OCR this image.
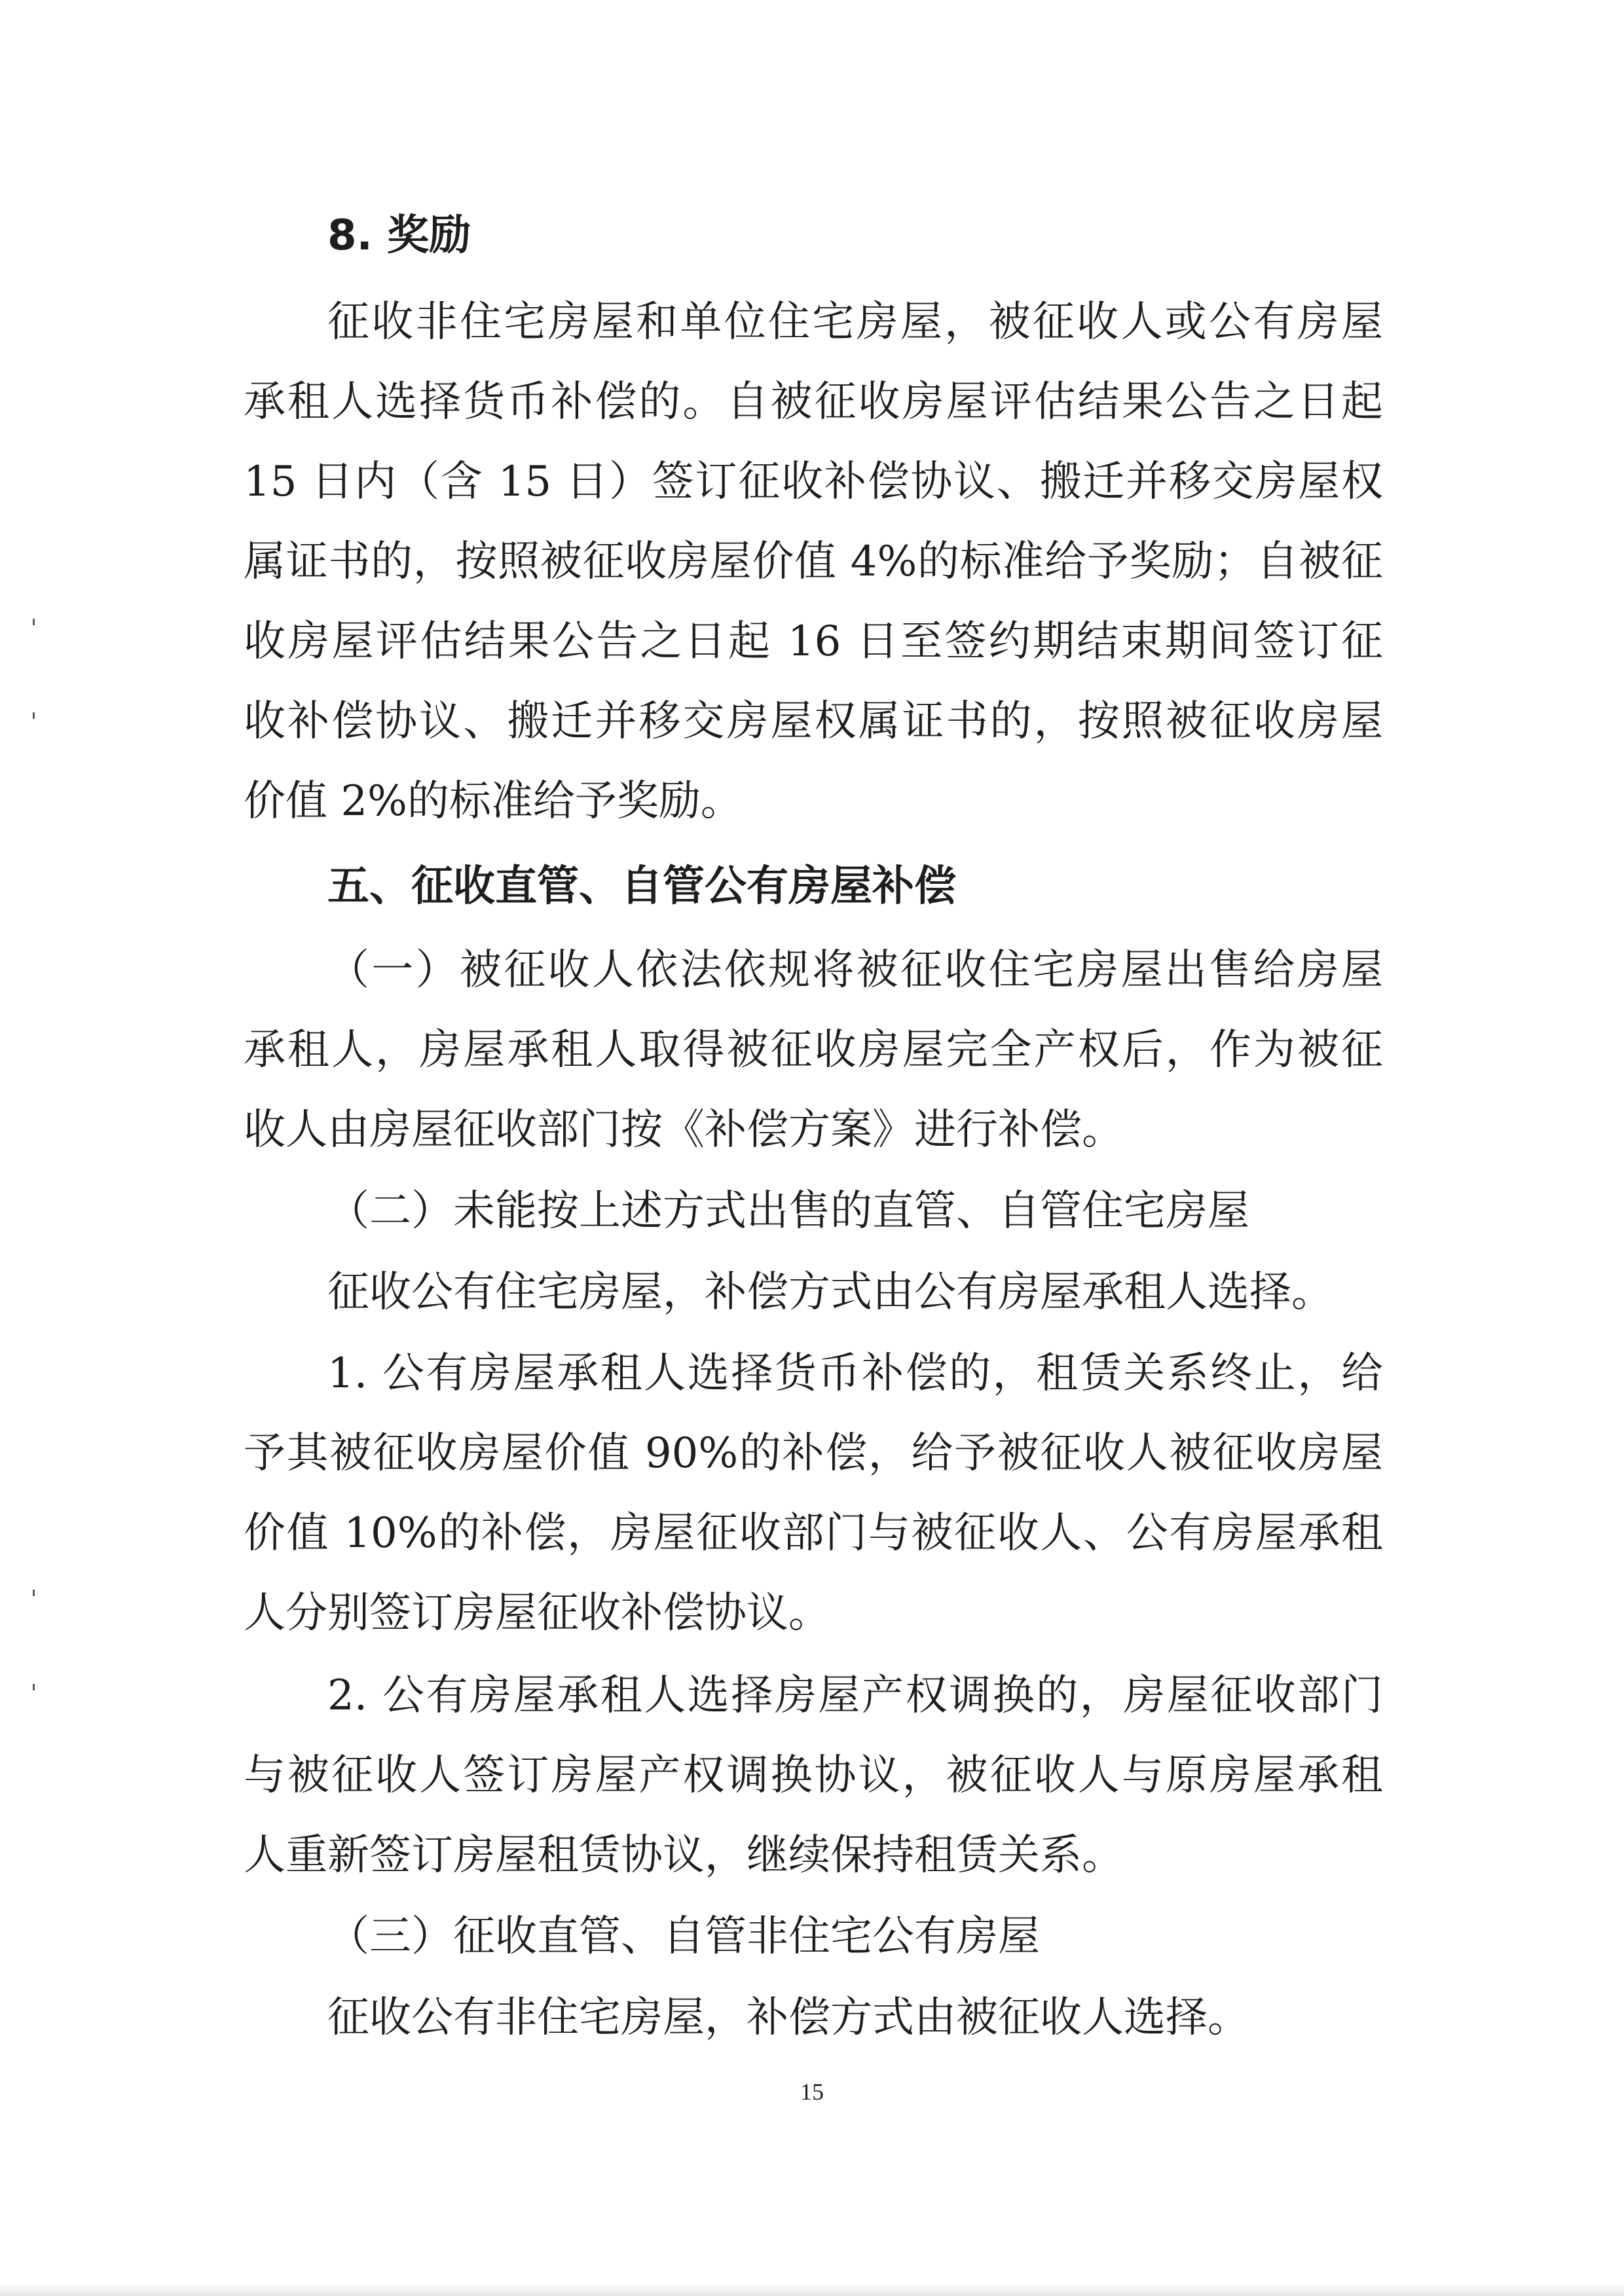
8. 奖励
征收非住宅房屋和单位住宅房屋，被征收人或公有房屋
承租人选择货币补偿的。自被征收房屋评估结果公告之日起
15 日内（含 15 日）签订征收补偿协议、搬迁并移交房屋权
属证书的，按照被征收房屋价值 4%的标准给予奖励；自被征
收房屋评估结果公告之日起 16 日至签约期结束期间签订征
收补偿协议、搬迁并移交房屋权属证书的，按照被征收房屋
价值 2%的标准给予奖励。
五、征收直管、自管公有房屋补偿
（一）被征收人依法依规将被征收住宅房屋出售给房屋
承租人，房屋承租人取得被征收房屋完全产权后，作为被征
收人由房屋征收部门按《补偿方案》进行补偿。
（二）未能按上述方式出售的直管、自管住宅房屋
征收公有住宅房屋，补偿方式由公有房屋承租人选择。
1. 公有房屋承租人选择货币补偿的，租赁关系终止，给
予其被征收房屋价值 90%的补偿，给予被征收人被征收房屋
价值 10%的补偿，房屋征收部门与被征收人、公有房屋承租
人分别签订房屋征收补偿协议。
2. 公有房屋承租人选择房屋产权调换的，房屋征收部门
与被征收人签订房屋产权调换协议，被征收人与原房屋承租
人重新签订房屋租赁协议，继续保持租赁关系。
（三）征收直管、自管非住宅公有房屋
征收公有非住宅房屋，补偿方式由被征收人选择。
15
